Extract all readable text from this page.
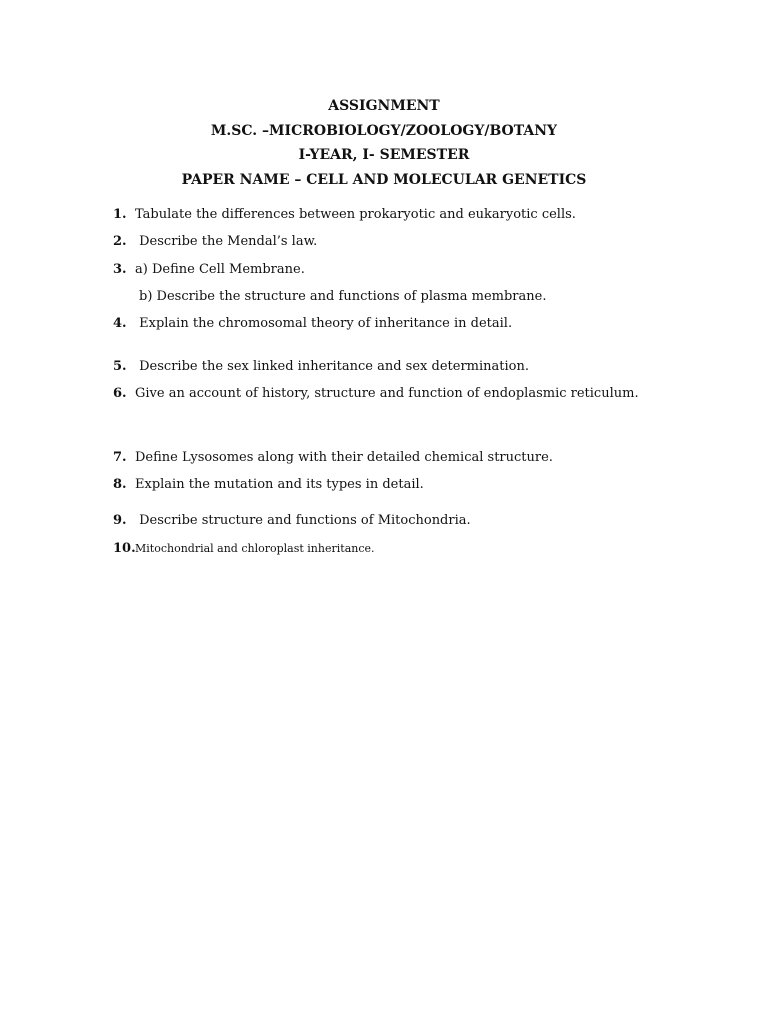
ASSIGNMENT
M.SC. –MICROBIOLOGY/ZOOLOGY/BOTANY
I-YEAR, I- SEMESTER
PAPER NAME – CELL AND MOLECULAR GENETICS
1. Tabulate the differences between prokaryotic and eukaryotic cells.
2. Describe the Mendal’s law.
3. a) Define Cell Membrane.
b) Describe the structure and functions of plasma membrane.
4. Explain the chromosomal theory of inheritance in detail.
5. Describe the sex linked inheritance and sex determination.
6. Give an account of history, structure and function of endoplasmic reticulum.
7. Define Lysosomes along with their detailed chemical structure.
8. Explain the mutation and its types in detail.
9. Describe structure and functions of Mitochondria.
10.Mitochondrial and chloroplast inheritance.
